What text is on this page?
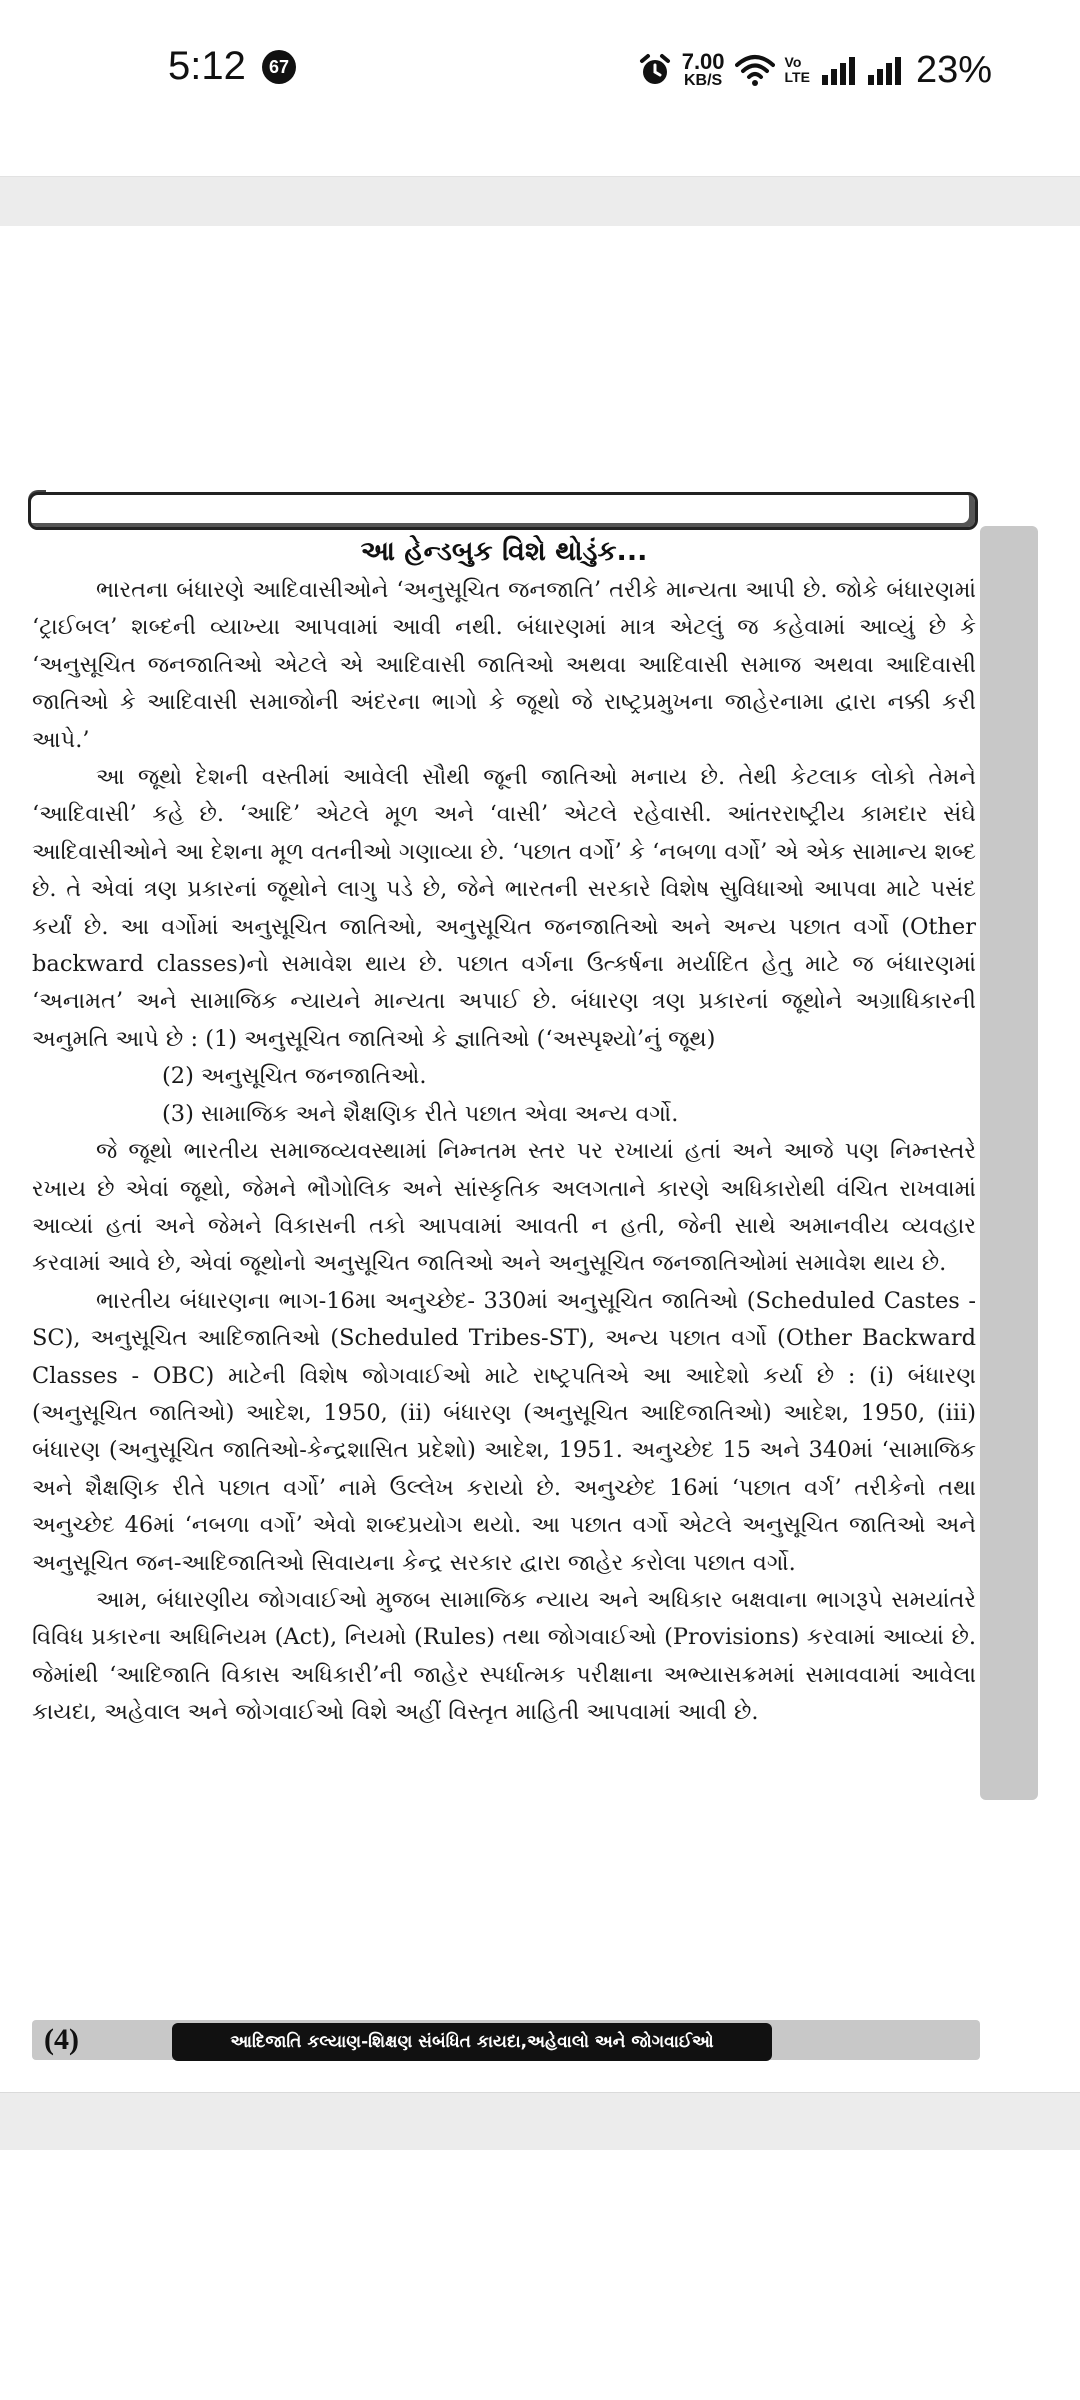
5:12	67	7.00
KB/S
Vo
LTE	23%
આ હેન્ડબુક વિશે થોડુંક...

ભારતના બંધારણે આદિવાસીઓને ‘અનુસૂચિત જનજાતિ’ તરીકે માન્યતા આપી છે. જોકે બંધારણમાં ‘ટ્રાઈબલ’ શબ્દની વ્યાખ્યા આપવામાં આવી નથી. બંધારણમાં માત્ર એટલું જ કહેવામાં આવ્યું છે કે ‘અનુસૂચિત જનજાતિઓ એટલે એ આદિવાસી જાતિઓ અથવા આદિવાસી સમાજ અથવા આદિવાસી જાતિઓ કે આદિવાસી સમાજોની અંદરના ભાગો કે જૂથો જે રાષ્ટ્રપ્રમુખના જાહેરનામા દ્વારા નક્કી કરી આપે.’

આ જૂથો દેશની વસ્તીમાં આવેલી સૌથી જૂની જાતિઓ મનાય છે. તેથી કેટલાક લોકો તેમને ‘આદિવાસી’ કહે છે. ‘આદિ’ એટલે મૂળ અને ‘વાસી’ એટલે રહેવાસી. આંતરરાષ્ટ્રીય કામદાર સંઘે આદિવાસીઓને આ દેશના મૂળ વતનીઓ ગણાવ્યા છે. ‘પછાત વર્ગો’ કે ‘નબળા વર્ગો’ એ એક સામાન્ય શબ્દ છે. તે એવાં ત્રણ પ્રકારનાં જૂથોને લાગુ પડે છે, જેને ભારતની સરકારે વિશેષ સુવિધાઓ આપવા માટે પસંદ કર્યાં છે. આ વર્ગોમાં અનુસૂચિત જાતિઓ, અનુસૂચિત જનજાતિઓ અને અન્ય પછાત વર્ગો (Other backward classes)નો સમાવેશ થાય છે. પછાત વર્ગના ઉત્કર્ષના મર્યાદિત હેતુ માટે જ બંધારણમાં ‘અનામત’ અને સામાજિક ન્યાયને માન્યતા અપાઈ છે. બંધારણ ત્રણ પ્રકારનાં જૂથોને અગ્રાધિકારની અનુમતિ આપે છે : (1) અનુસૂચિત જાતિઓ કે જ્ઞાતિઓ (‘અસ્પૃશ્યો’નું જૂથ)

(2) અનુસૂચિત જનજાતિઓ.

(3) સામાજિક અને શૈક્ષણિક રીતે પછાત એવા અન્ય વર્ગો.

જે જૂથો ભારતીય સમાજવ્યવસ્થામાં નિમ્નતમ સ્તર પર રખાયાં હતાં અને આજે પણ નિમ્નસ્તરે રખાય છે એવાં જૂથો, જેમને ભૌગોલિક અને સાંસ્કૃતિક અલગતાને કારણે અધિકારોથી વંચિત રાખવામાં આવ્યાં હતાં અને જેમને વિકાસની તકો આપવામાં આવતી ન હતી, જેની સાથે અમાનવીય વ્યવહાર કરવામાં આવે છે, એવાં જૂથોનો અનુસૂચિત જાતિઓ અને અનુસૂચિત જનજાતિઓમાં સમાવેશ થાય છે.

ભારતીય બંધારણના ભાગ-16મા અનુચ્છેદ- 330માં અનુસૂચિત જાતિઓ (Scheduled Castes - SC), અનુસૂચિત આદિજાતિઓ (Scheduled Tribes-ST), અન્ય પછાત વર્ગો (Other Backward Classes - OBC) માટેની વિશેષ જોગવાઈઓ માટે રાષ્ટ્રપતિએ આ આદેશો કર્યા છે : (i) બંધારણ (અનુસૂચિત જાતિઓ) આદેશ, 1950, (ii) બંધારણ (અનુસૂચિત આદિજાતિઓ) આદેશ, 1950, (iii) બંધારણ (અનુસૂચિત જાતિઓ-કેન્દ્રશાસિત પ્રદેશો) આદેશ, 1951. અનુચ્છેદ 15 અને 340માં ‘સામાજિક અને શૈક્ષણિક રીતે પછાત વર્ગો’ નામે ઉલ્લેખ કરાયો છે. અનુચ્છેદ 16માં ‘પછાત વર્ગ’ તરીકેનો તથા અનુચ્છેદ 46માં ‘નબળા વર્ગો’ એવો શબ્દપ્રયોગ થયો. આ પછાત વર્ગો એટલે અનુસૂચિત જાતિઓ અને અનુસૂચિત જન-આદિજાતિઓ સિવાયના કેન્દ્ર સરકાર દ્વારા જાહેર કરોલા પછાત વર્ગો.

આમ, બંધારણીય જોગવાઈઓ મુજબ સામાજિક ન્યાય અને અધિકાર બક્ષવાના ભાગરૂપે સમયાંતરે વિવિધ પ્રકારના અધિનિયમ (Act), નિયમો (Rules) તથા જોગવાઈઓ (Provisions) કરવામાં આવ્યાં છે. જેમાંથી ‘આદિજાતિ વિકાસ અધિકારી’ની જાહેર સ્પર્ધાત્મક પરીક્ષાના અભ્યાસક્રમમાં સમાવવામાં આવેલા કાયદા, અહેવાલ અને જોગવાઈઓ વિશે અહીં વિસ્તૃત માહિતી આપવામાં આવી છે.

(4)	આદિજાતિ કલ્યાણ-શિક્ષણ સંબંધિત કાયદા,અહેવાલો અને જોગવાઈઓ
